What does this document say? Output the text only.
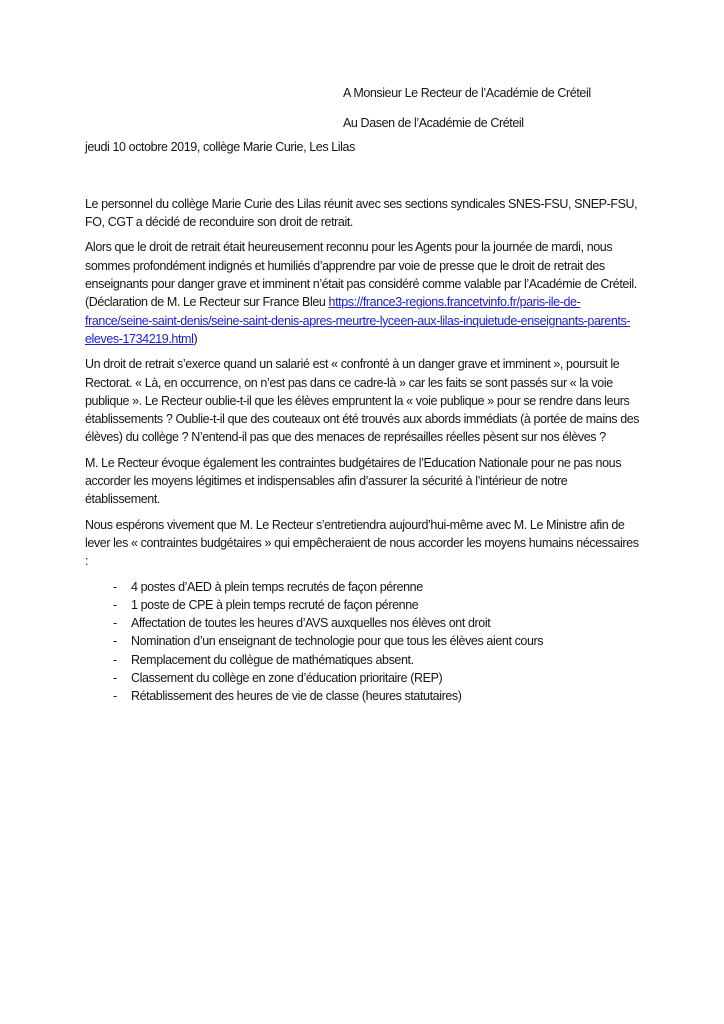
A Monsieur Le Recteur de l’Académie de Créteil

Au Dasen de l’Académie de Créteil

jeudi 10 octobre 2019, collège Marie Curie, Les Lilas

Le personnel du collège Marie Curie des Lilas réunit avec ses sections syndicales SNES-FSU, SNEP-FSU, FO, CGT a décidé de reconduire son droit de retrait.

Alors que le droit de retrait était heureusement reconnu pour les Agents pour la journée de mardi, nous sommes profondément indignés et humiliés d’apprendre par voie de presse que le droit de retrait des enseignants pour danger grave et imminent n’était pas considéré comme valable par l’Académie de Créteil. (Déclaration de M. Le Recteur sur France Bleu https://france3-regions.francetvinfo.fr/paris-ile-de-france/seine-saint-denis/seine-saint-denis-apres-meurtre-lyceen-aux-lilas-inquietude-enseignants-parents-eleves-1734219.html)

Un droit de retrait s’exerce quand un salarié est « confronté à un danger grave et imminent », poursuit le Rectorat. « Là, en occurrence, on n’est pas dans ce cadre-là » car les faits se sont passés sur « la voie publique ». Le Recteur oublie-t-il que les élèves empruntent la « voie publique » pour se rendre dans leurs établissements ? Oublie-t-il que des couteaux ont été trouvés aux abords immédiats (à portée de mains des élèves) du collège ? N’entend-il pas que des menaces de représailles réelles pèsent sur nos élèves ?

M. Le Recteur évoque également les contraintes budgétaires de l’Education Nationale pour ne pas nous accorder les moyens légitimes et indispensables afin d’assurer la sécurité à l’intérieur de notre établissement.

Nous espérons vivement que M. Le Recteur s’entretiendra aujourd’hui-même avec M. Le Ministre afin de lever les « contraintes budgétaires » qui empêcheraient de nous accorder les moyens humains nécessaires :

- 4 postes d’AED à plein temps recrutés de façon pérenne
- 1 poste de CPE à plein temps recruté de façon pérenne
- Affectation de toutes les heures d’AVS auxquelles nos élèves ont droit
- Nomination d’un enseignant de technologie pour que tous les élèves aient cours
- Remplacement du collègue de mathématiques absent.
- Classement du collège en zone d’éducation prioritaire (REP)
- Rétablissement des heures de vie de classe (heures statutaires)
